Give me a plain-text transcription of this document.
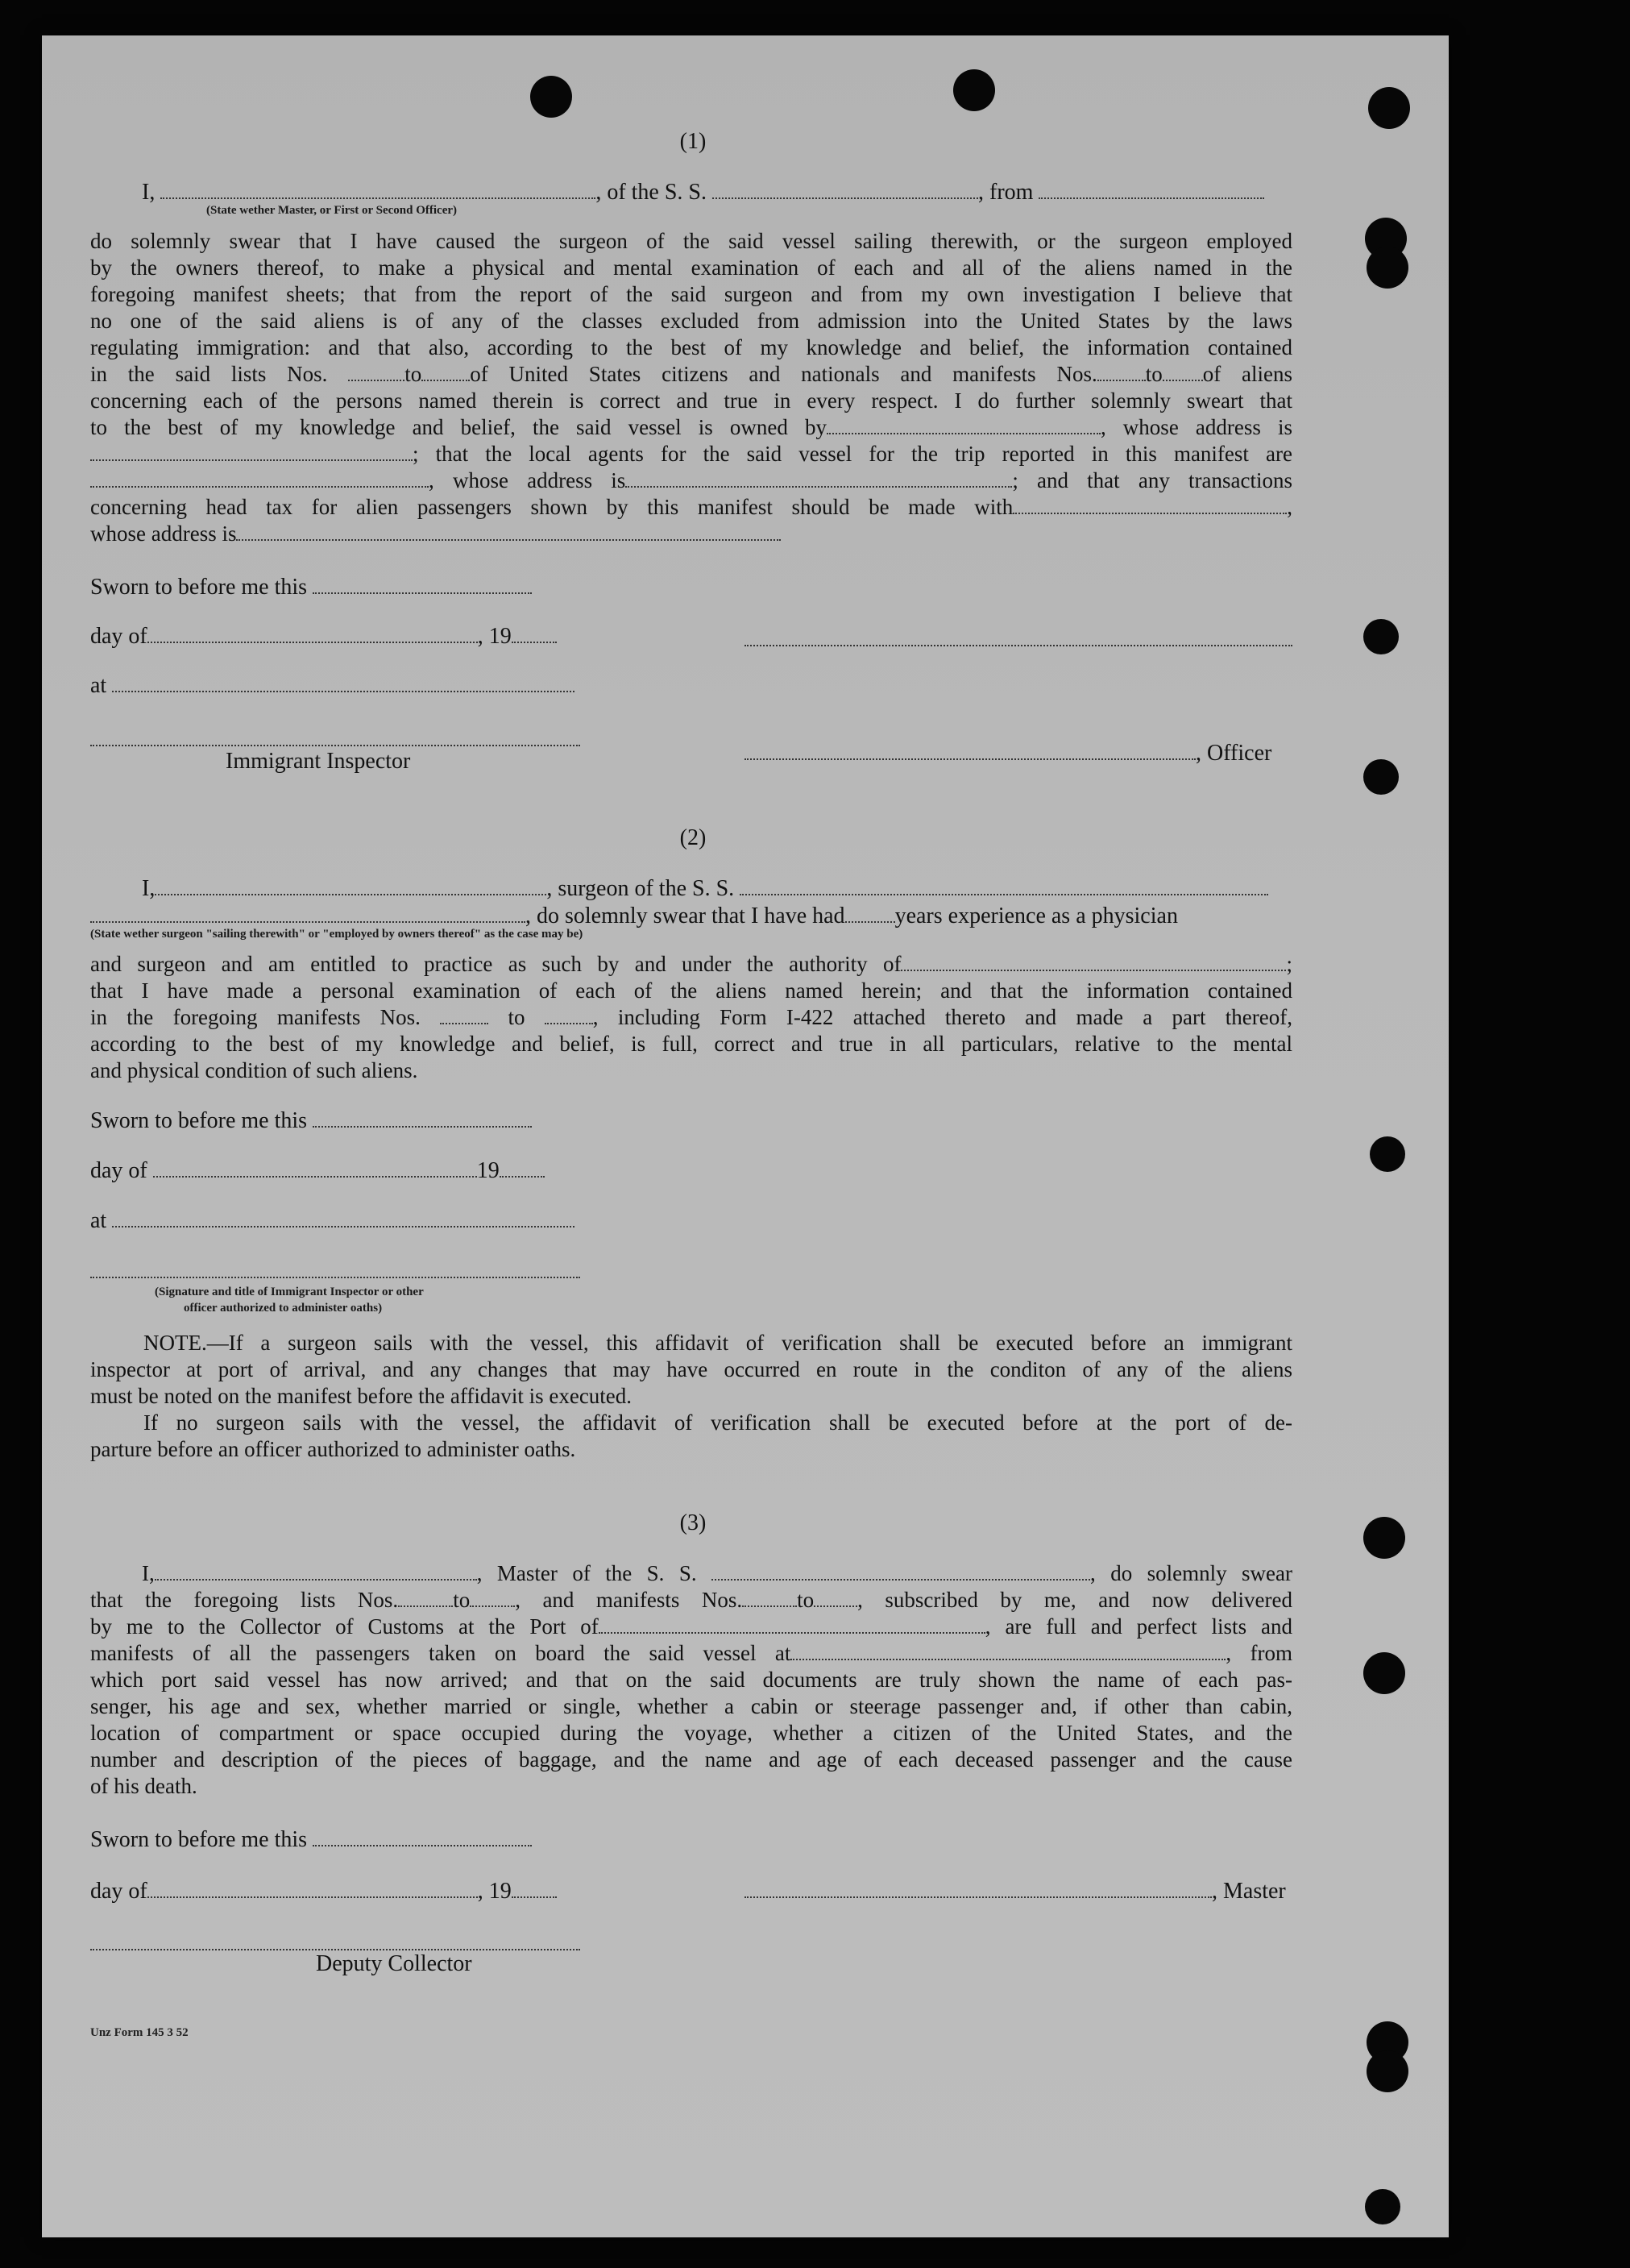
(1)
I,	, of the S. S.	, from
(State wether Master, or First or Second Officer)
do solemnly swear that I have caused the surgeon of the said vessel sailing therewith, or the surgeon employed
by the owners thereof, to make a physical and mental examination of each and all of the aliens named in the
foregoing manifest sheets; that from the report of the said surgeon and from my own investigation I believe that
no one of the said aliens is of any of the classes excluded from admission into the United States by the laws
regulating immigration: and that also, according to the best of my knowledge and belief, the information contained
in the said lists Nos.	to of United States citizens and nationals and manifests Nos. to of aliens
concerning each of the persons named therein is correct and true in every respect. I do further solemnly sweart that
to the best of my knowledge and belief, the said vessel is owned by	, whose address is
; that the local agents for the said vessel for the trip reported in this manifest are
, whose address is	; and that any transactions
concerning head tax for alien passengers shown by this manifest should be made with	,
whose address is
Sworn to before me this
day of	, 19
at
Immigrant Inspector	, Officer
(2)
I,	, surgeon of the S. S.
, do solemnly swear that I have had years experience as a physician
(State wether surgeon "sailing therewith" or "employed by owners thereof" as the case may be)
and surgeon and am entitled to practice as such by and under the authority of	;
that I have made a personal examination of each of the aliens named herein; and that the information contained
in the foregoing manifests Nos.	to	, including Form I-422 attached thereto and made a part thereof,
according to the best of my knowledge and belief, is full, correct and true in all particulars, relative to the mental
and physical condition of such aliens.
Sworn to before me this
day of	19
at
(Signature and title of Immigrant Inspector or other
officer authorized to administer oaths)
NOTE.—If a surgeon sails with the vessel, this affidavit of verification shall be executed before an immigrant
inspector at port of arrival, and any changes that may have occurred en route in the conditon of any of the aliens
must be noted on the manifest before the affidavit is executed.
If no surgeon sails with the vessel, the affidavit of verification shall be executed before at the port of de-
parture before an officer authorized to administer oaths.
(3)
I,	, Master of the S. S.	, do solemnly swear
that the foregoing lists Nos.	to , and manifests Nos.	to , subscribed by me, and now delivered
by me to the Collector of Customs at the Port of	, are full and perfect lists and
manifests of all the passengers taken on board the said vessel at	, from
which port said vessel has now arrived; and that on the said documents are truly shown the name of each pas-
senger, his age and sex, whether married or single, whether a cabin or steerage passenger and, if other than cabin,
location of compartment or space occupied during the voyage, whether a citizen of the United States, and the
number and description of the pieces of baggage, and the name and age of each deceased passenger and the cause
of his death.
Sworn to before me this
day of	, 19	, Master
Deputy Collector
Unz Form 145 3 52
